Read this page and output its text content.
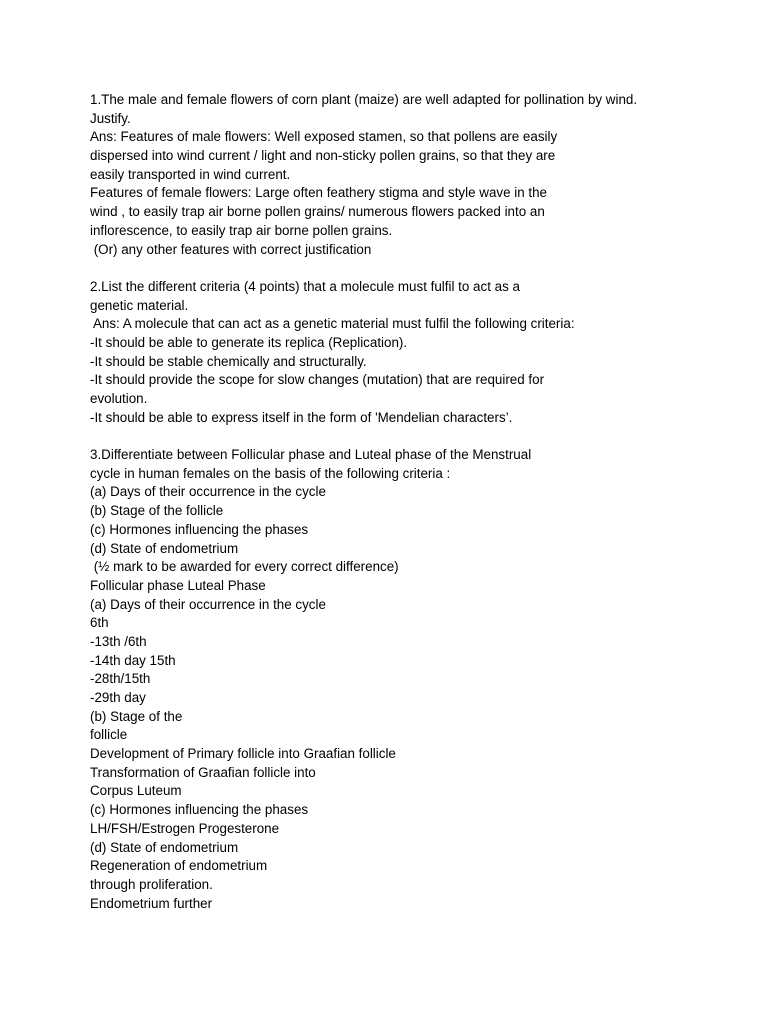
1.The male and female flowers of corn plant (maize) are well adapted for pollination by wind.
Justify.
Ans: Features of male flowers: Well exposed stamen, so that pollens are easily
dispersed into wind current / light and non-sticky pollen grains, so that they are
easily transported in wind current.
Features of female flowers: Large often feathery stigma and style wave in the
wind , to easily trap air borne pollen grains/ numerous flowers packed into an
inflorescence, to easily trap air borne pollen grains.
(Or) any other features with correct justification
2.List the different criteria (4 points) that a molecule must fulfil to act as a
genetic material.
Ans: A molecule that can act as a genetic material must fulfil the following criteria:
-It should be able to generate its replica (Replication).
-It should be stable chemically and structurally.
-It should provide the scope for slow changes (mutation) that are required for
evolution.
-It should be able to express itself in the form of 'Mendelian characters’.
3.Differentiate between Follicular phase and Luteal phase of the Menstrual
cycle in human females on the basis of the following criteria :
(a) Days of their occurrence in the cycle
(b) Stage of the follicle
(c) Hormones influencing the phases
(d) State of endometrium
(½ mark to be awarded for every correct difference)
Follicular phase Luteal Phase
(a) Days of their occurrence in the cycle
6th
-13th /6th
-14th day 15th
-28th/15th
-29th day
(b) Stage of the
follicle
Development of Primary follicle into Graafian follicle
Transformation of Graafian follicle into
Corpus Luteum
(c) Hormones influencing the phases
LH/FSH/Estrogen Progesterone
(d) State of endometrium
Regeneration of endometrium
through proliferation.
Endometrium further
